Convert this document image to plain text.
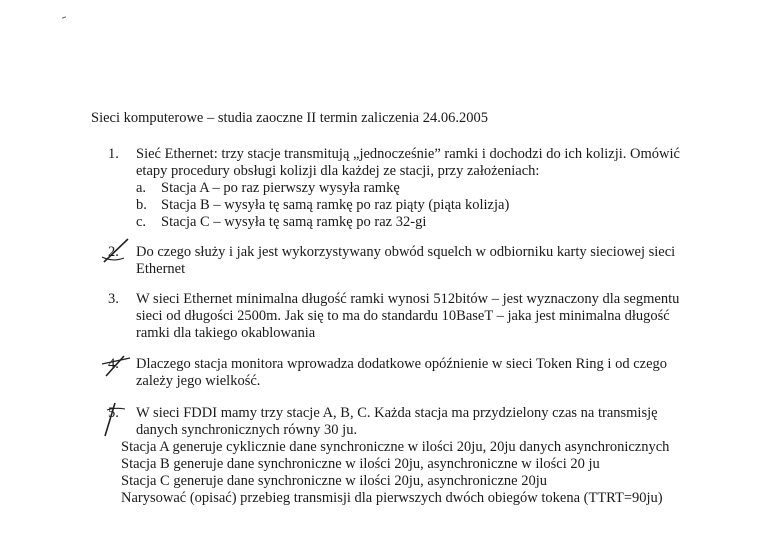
Sieci komputerowe – studia zaoczne II termin zaliczenia 24.06.2005
1.	Sieć Ethernet: trzy stacje transmitują „jednocześnie” ramki i dochodzi do ich kolizji. Omówić

etapy procedury obsługi kolizji dla każdej ze stacji, przy założeniach:

a. Stacja A – po raz pierwszy wysyła ramkę
b. Stacja B – wysyła tę samą ramkę po raz piąty (piąta kolizja)
c. Stacja C – wysyła tę samą ramkę po raz 32-gi
2.	Do czego służy i jak jest wykorzystywany obwód squelch w odbiorniku karty sieciowej sieci

Ethernet

3.	W sieci Ethernet minimalna długość ramki wynosi 512bitów – jest wyznaczony dla segmentu

sieci od długości 2500m. Jak się to ma do standardu 10BaseT – jaka jest minimalna długość

ramki dla takiego okablowania

4.	Dlaczego stacja monitora wprowadza dodatkowe opóźnienie w sieci Token Ring i od czego

zależy jego wielkość.

5.	W sieci FDDI mamy trzy stacje A, B, C. Każda stacja ma przydzielony czas na transmisję

danych synchronicznych równy 30 ju.

Stacja A generuje cyklicznie dane synchroniczne w ilości 20ju, 20ju danych asynchronicznych

Stacja B generuje dane synchroniczne w ilości 20ju, asynchroniczne w ilości 20 ju

Stacja C generuje dane synchroniczne w ilości 20ju, asynchroniczne 20ju

Narysować (opisać) przebieg transmisji dla pierwszych dwóch obiegów tokena (TTRT=90ju)
